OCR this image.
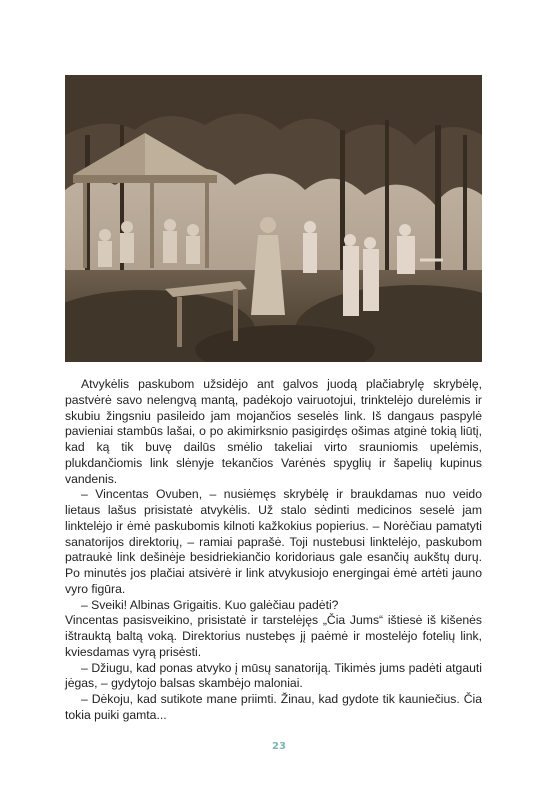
Atvykėlis paskubom užsidėjo ant galvos juodą plačiabrylę skrybėlę, pastvėrė savo nelengvą mantą, padėkojo vairuotojui, trinktelėjo durelėmis ir skubiu žingsniu pasileido jam mojančios seselės link. Iš dangaus paspylė pavieniai stambūs lašai, o po akimirksnio pasigirdęs ošimas atginė tokią liūtį, kad ką tik buvę dailūs smėlio takeliai virto srauniomis upelėmis, plukdančiomis link slėnyje tekančios Varėnės spyglių ir šapelių kupinus vandenis.

– Vincentas Ovuben, – nusiėmęs skrybėlę ir braukdamas nuo veido lietaus lašus prisistatė atvykėlis. Už stalo sėdinti medicinos seselė jam linktelėjo ir ėmė paskubomis kilnoti kažkokius popierius. – Norėčiau pamatyti sanatorijos direktorių, – ramiai paprašė. Toji nustebusi linktelėjo, paskubom patraukė link dešinėje besidriekiančio koridoriaus gale esančių aukštų durų. Po minutės jos plačiai atsivėrė ir link atvykusiojo energingai ėmė artėti jauno vyro figūra.

– Sveiki! Albinas Grigaitis. Kuo galėčiau padėti?

Vincentas pasisveikino, prisistatė ir tarstelėjęs „Čia Jums“ ištiesė iš kišenės ištrauktą baltą voką. Direktorius nustebęs jį paėmė ir mostelėjo fotelių link, kviesdamas vyrą prisėsti.

– Džiugu, kad ponas atvyko į mūsų sanatoriją. Tikimės jums padėti atgauti jėgas, – gydytojo balsas skambėjo maloniai.

– Dėkoju, kad sutikote mane priimti. Žinau, kad gydote tik kauniečius. Čia tokia puiki gamta...

23
